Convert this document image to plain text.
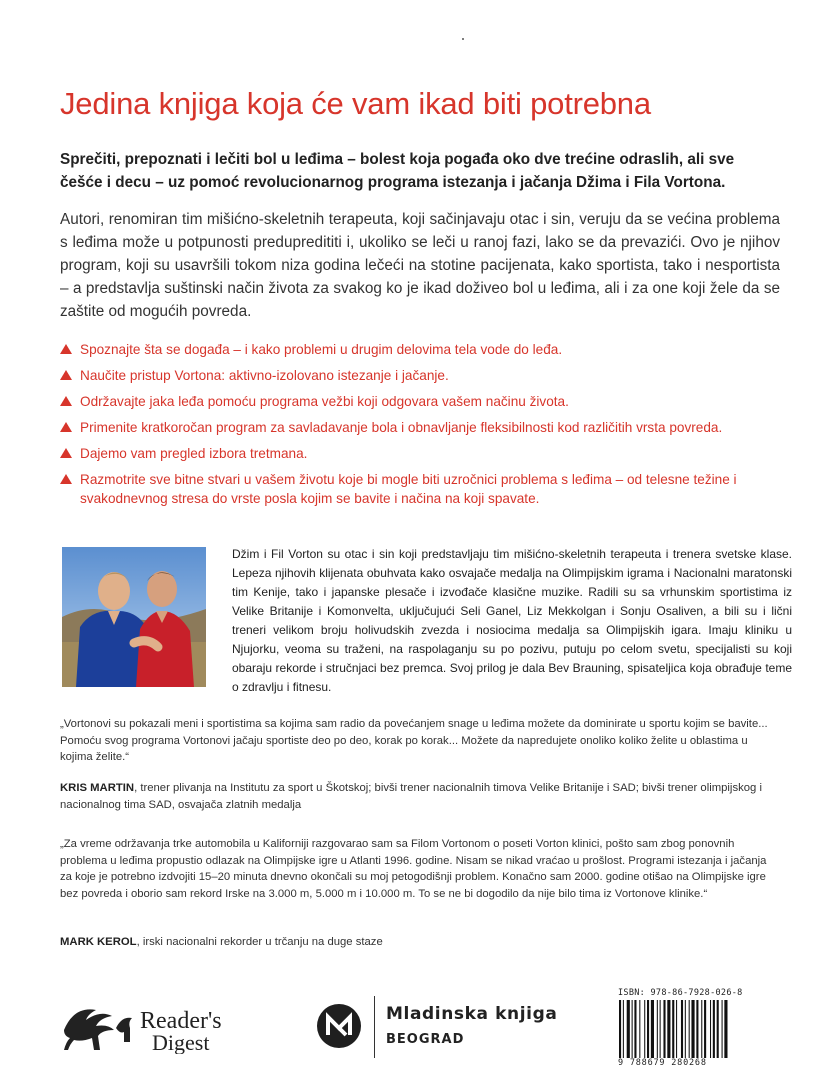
Jedina knjiga koja će vam ikad biti potrebna

Sprečiti, prepoznati i lečiti bol u leđima – bolest koja pogađa oko dve trećine odraslih, ali sve češće i decu – uz pomoć revolucionarnog programa istezanja i jačanja Džima i Fila Vortona.

Autori, renomiran tim mišićno-skeletnih terapeuta, koji sačinjavaju otac i sin, veruju da se većina problema s leđima može u potpunosti predupredititi i, ukoliko se leči u ranoj fazi, lako se da prevazići. Ovo je njihov program, koji su usavršili tokom niza godina lečeći na stotine pacijenata, kako sportista, tako i nesportista – a predstavlja suštinski način života za svakog ko je ikad doživeo bol u leđima, ali i za one koji žele da se zaštite od mogućih povreda.

Spoznajte šta se događa – i kako problemi u drugim delovima tela vode do leđa.
Naučite pristup Vortona: aktivno-izolovano istezanje i jačanje.
Održavajte jaka leđa pomoću programa vežbi koji odgovara vašem načinu života.
Primenite kratkoročan program za savladavanje bola i obnavljanje fleksibilnosti kod različitih vrsta povreda.
Dajemo vam pregled izbora tretmana.
Razmotrite sve bitne stvari u vašem životu koje bi mogle biti uzročnici problema s leđima – od telesne težine i svakodnevnog stresa do vrste posla kojim se bavite i načina na koji spavate.

Džim i Fil Vorton su otac i sin koji predstavljaju tim mišićno-skeletnih terapeuta i trenera svetske klase. Lepeza njihovih klijenata obuhvata kako osvajače medalja na Olimpijskim igrama i Nacionalni maratonski tim Kenije, tako i japanske plesače i izvođače klasične muzike. Radili su sa vrhunskim sportistima iz Velike Britanije i Komonvelta, uključujući Seli Ganel, Liz Mekkolgan i Sonju Osaliven, a bili su i lični treneri velikom broju holivudskih zvezda i nosiocima medalja sa Olimpijskih igara. Imaju kliniku u Njujorku, veoma su traženi, na raspolaganju su po pozivu, putuju po celom svetu, specijalisti su koji obaraju rekorde i stručnjaci bez premca. Svoj prilog je dala Bev Brauning, spisateljica koja obrađuje teme o zdravlju i fitnesu.

„Vortonovi su pokazali meni i sportistima sa kojima sam radio da povećanjem snage u leđima možete da dominirate u sportu kojim se bavite... Pomoću svog programa Vortonovi jačaju sportiste deo po deo, korak po korak... Možete da napredujete onoliko koliko želite u oblastima u kojima želite.“

KRIS MARTIN, trener plivanja na Institutu za sport u Škotskoj; bivši trener nacionalnih timova Velike Britanije i SAD; bivši trener olimpijskog i nacionalnog tima SAD, osvajača zlatnih medalja

„Za vreme održavanja trke automobila u Kaliforniji razgovarao sam sa Filom Vortonom o poseti Vorton klinici, pošto sam zbog ponovnih problema u leđima propustio odlazak na Olimpijske igre u Atlanti 1996. godine. Nisam se nikad vraćao u prošlost. Programi istezanja i jačanja za koje je potrebno izdvojiti 15–20 minuta dnevno okončali su moj petogodišnji problem. Konačno sam 2000. godine otišao na Olimpijske igre bez povreda i oborio sam rekord Irske na 3.000 m, 5.000 m i 10.000 m. To se ne bi dogodilo da nije bilo tima iz Vortonove klinike.“

MARK KEROL, irski nacionalni rekorder u trčanju na duge staze

Reader's
Digest

Mladinska knjiga

BEOGRAD

ISBN: 978-86-7928-026-8

9 788679 280268
